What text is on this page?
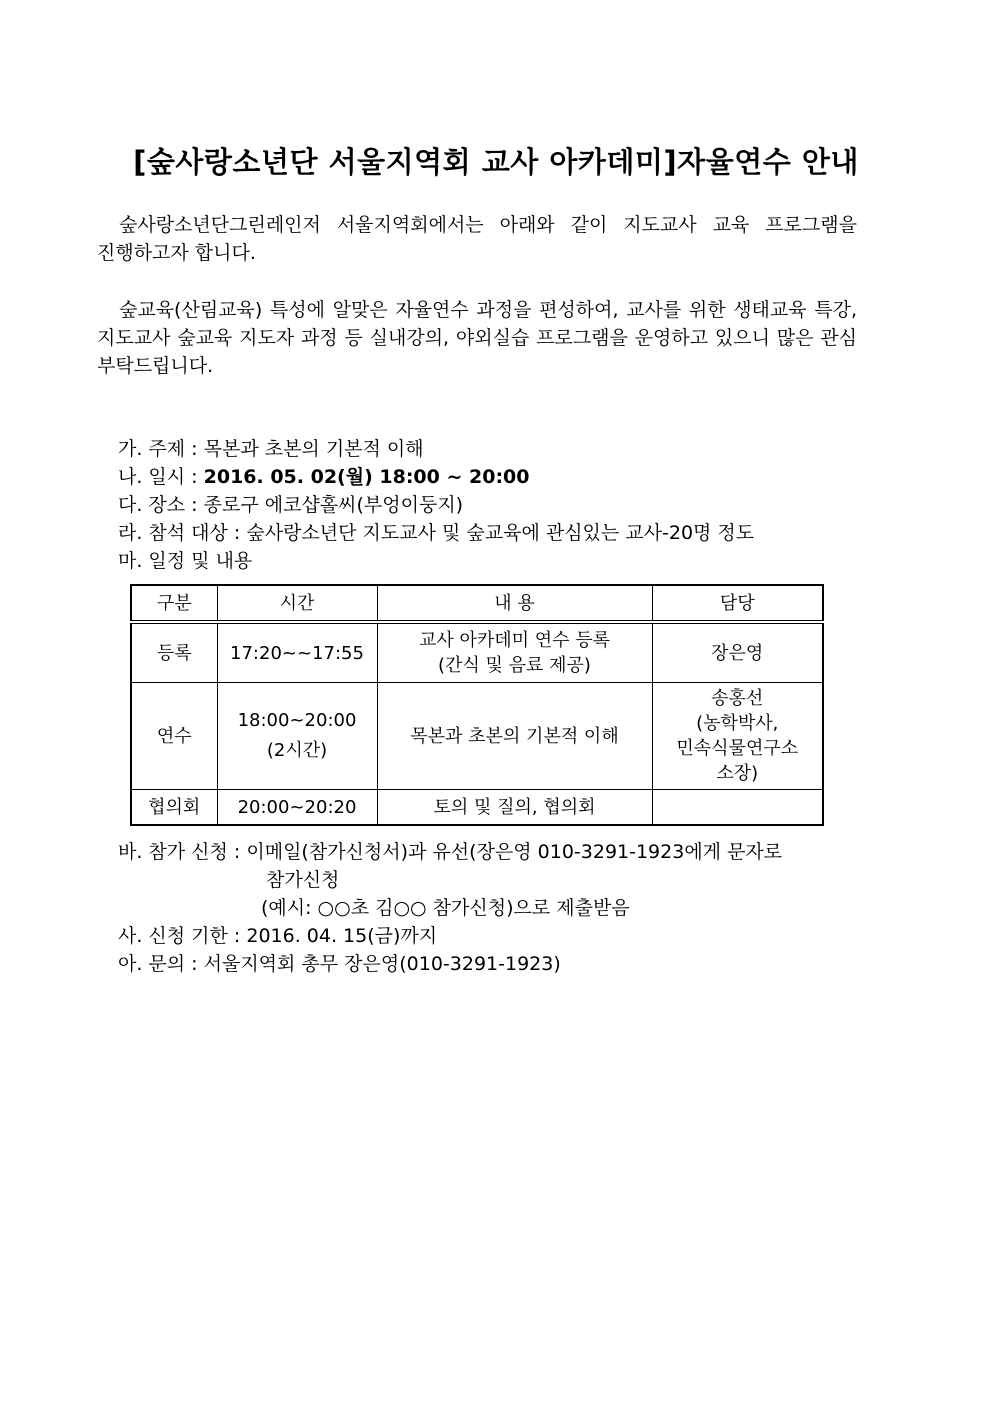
[숲사랑소년단 서울지역회 교사 아카데미]자율연수 안내

숲사랑소년단그린레인저 서울지역회에서는 아래와 같이 지도교사 교육 프로그램을 진행하고자 합니다.

숲교육(산림교육) 특성에 알맞은 자율연수 과정을 편성하여, 교사를 위한 생태교육 특강, 지도교사 숲교육 지도자 과정 등 실내강의, 야외실습 프로그램을 운영하고 있으니 많은 관심 부탁드립니다.

가. 주제 : 목본과 초본의 기본적 이해

나. 일시 : 2016. 05. 02(월) 18:00 ~ 20:00

다. 장소 : 종로구 에코샵홀씨(부엉이둥지)

라. 참석 대상 : 숲사랑소년단 지도교사 및 숲교육에 관심있는 교사-20명 정도

마. 일정 및 내용

구분	시간	내 용	담당
등록	17:20~~17:55	교사 아카데미 연수 등록
(간식 및 음료 제공)	장은영

연수	18:00~20:00
(2시간)	목본과 초본의 기본적 이해	송홍선
(농학박사,
민속식물연구소
소장)

협의회	20:00~20:20	토의 및 질의, 협의회	

바. 참가 신청 : 이메일(참가신청서)과 유선(장은영 010-3291-1923에게 문자로

참가신청

(예시: ○○초 김○○ 참가신청)으로 제출받음

사. 신청 기한 : 2016. 04. 15(금)까지

아. 문의 : 서울지역회 총무 장은영(010-3291-1923)
